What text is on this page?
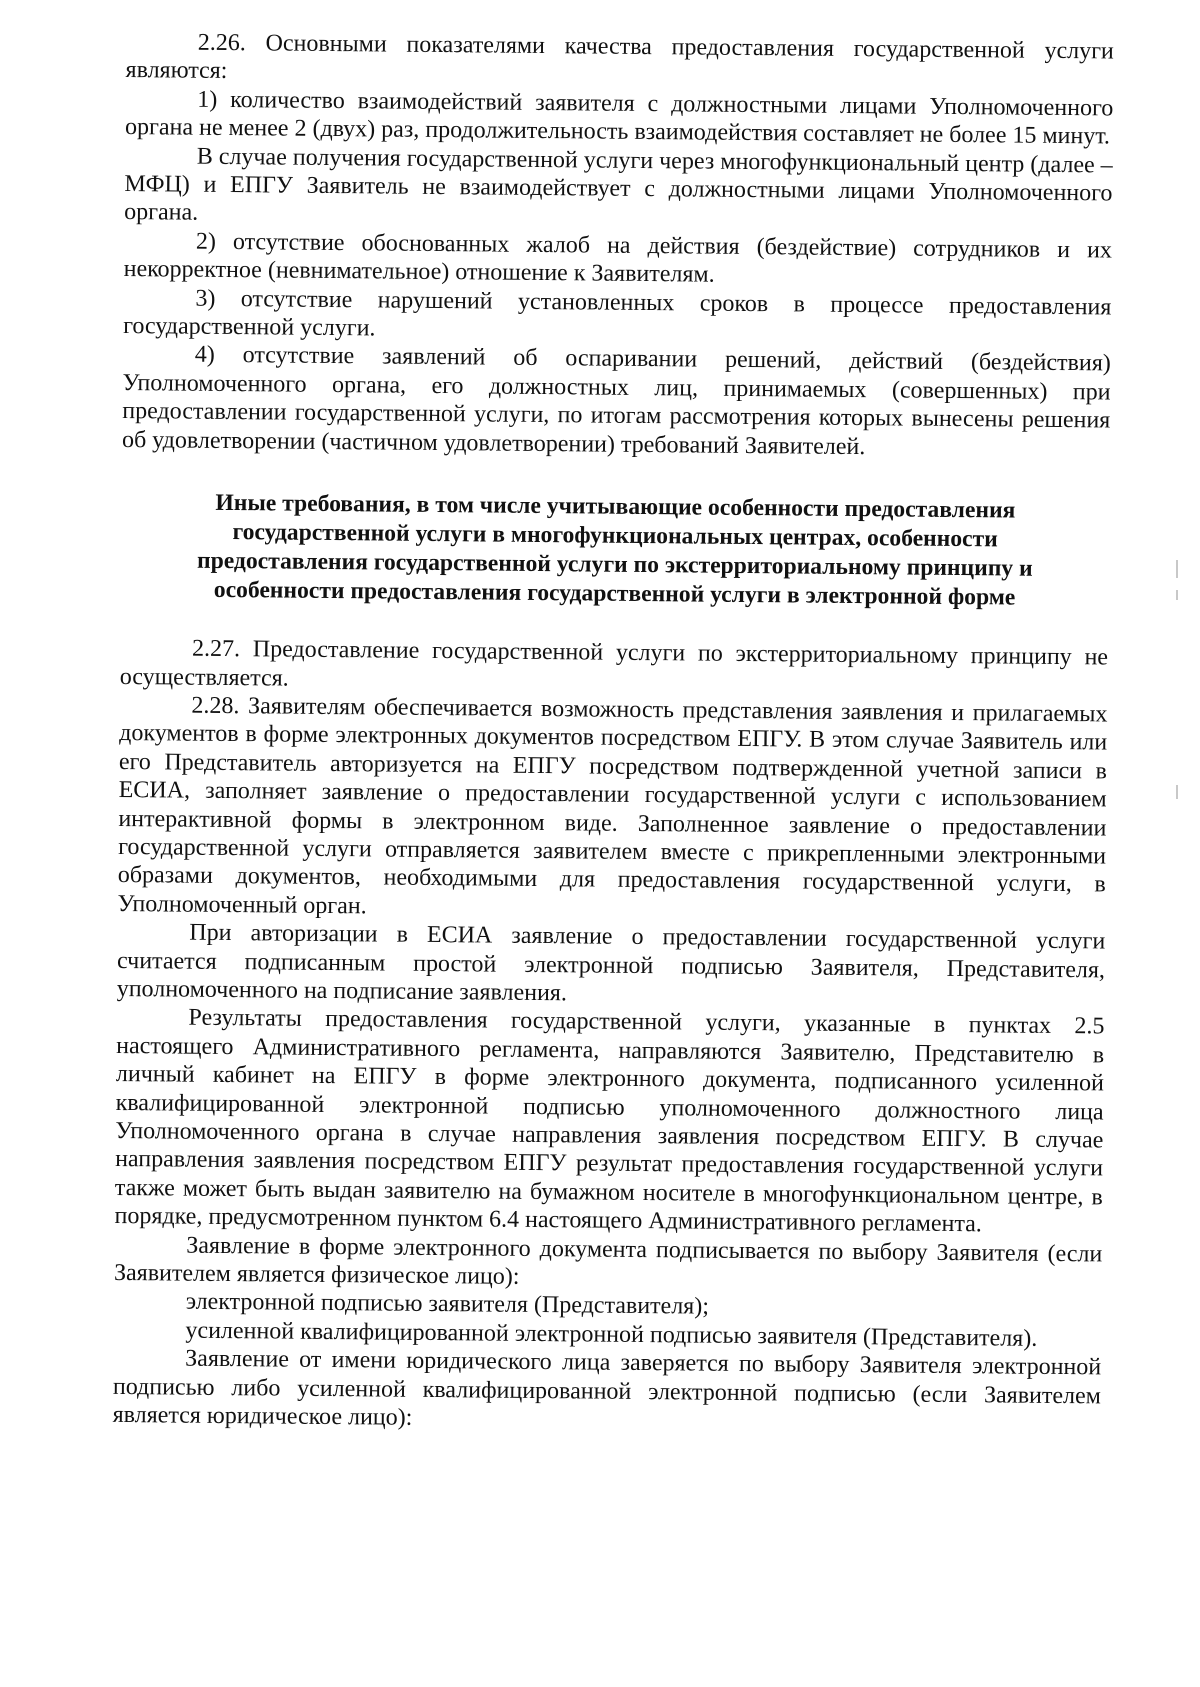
2.26. Основными показателями качества предоставления государственной услуги являются:

1) количество взаимодействий заявителя с должностными лицами Уполномоченного органа не менее 2 (двух) раз, продолжительность взаимодействия составляет не более 15 минут.

В случае получения государственной услуги через многофункциональный центр (далее – МФЦ) и ЕПГУ Заявитель не взаимодействует с должностными лицами Уполномоченного органа.

2) отсутствие обоснованных жалоб на действия (бездействие) сотрудников и их некорректное (невнимательное) отношение к Заявителям.

3) отсутствие нарушений установленных сроков в процессе предоставления государственной услуги.

4) отсутствие заявлений об оспаривании решений, действий (бездействия) Уполномоченного органа, его должностных лиц, принимаемых (совершенных) при предоставлении государственной услуги, по итогам рассмотрения которых вынесены решения об удовлетворении (частичном удовлетворении) требований Заявителей.

Иные требования, в том числе учитывающие особенности предоставления
государственной услуги в многофункциональных центрах, особенности
предоставления государственной услуги по экстерриториальному принципу и
особенности предоставления государственной услуги в электронной форме

2.27. Предоставление государственной услуги по экстерриториальному принципу не осуществляется.

2.28. Заявителям обеспечивается возможность представления заявления и прилагаемых документов в форме электронных документов посредством ЕПГУ. В этом случае Заявитель или его Представитель авторизуется на ЕПГУ посредством подтвержденной учетной записи в ЕСИА, заполняет заявление о предоставлении государственной услуги с использованием интерактивной формы в электронном виде. Заполненное заявление о предоставлении государственной услуги отправляется заявителем вместе с прикрепленными электронными образами документов, необходимыми для предоставления государственной услуги, в Уполномоченный орган.

При авторизации в ЕСИА заявление о предоставлении государственной услуги считается подписанным простой электронной подписью Заявителя, Представителя, уполномоченного на подписание заявления.

Результаты предоставления государственной услуги, указанные в пунктах 2.5 настоящего Административного регламента, направляются Заявителю, Представителю в личный кабинет на ЕПГУ в форме электронного документа, подписанного усиленной квалифицированной электронной подписью уполномоченного должностного лица Уполномоченного органа в случае направления заявления посредством ЕПГУ. В случае направления заявления посредством ЕПГУ результат предоставления государственной услуги также может быть выдан заявителю на бумажном носителе в многофункциональном центре, в порядке, предусмотренном пунктом 6.4 настоящего Административного регламента.

Заявление в форме электронного документа подписывается по выбору Заявителя (если Заявителем является физическое лицо):

электронной подписью заявителя (Представителя);

усиленной квалифицированной электронной подписью заявителя (Представителя).

Заявление от имени юридического лица заверяется по выбору Заявителя электронной подписью либо усиленной квалифицированной электронной подписью (если Заявителем является юридическое лицо):
